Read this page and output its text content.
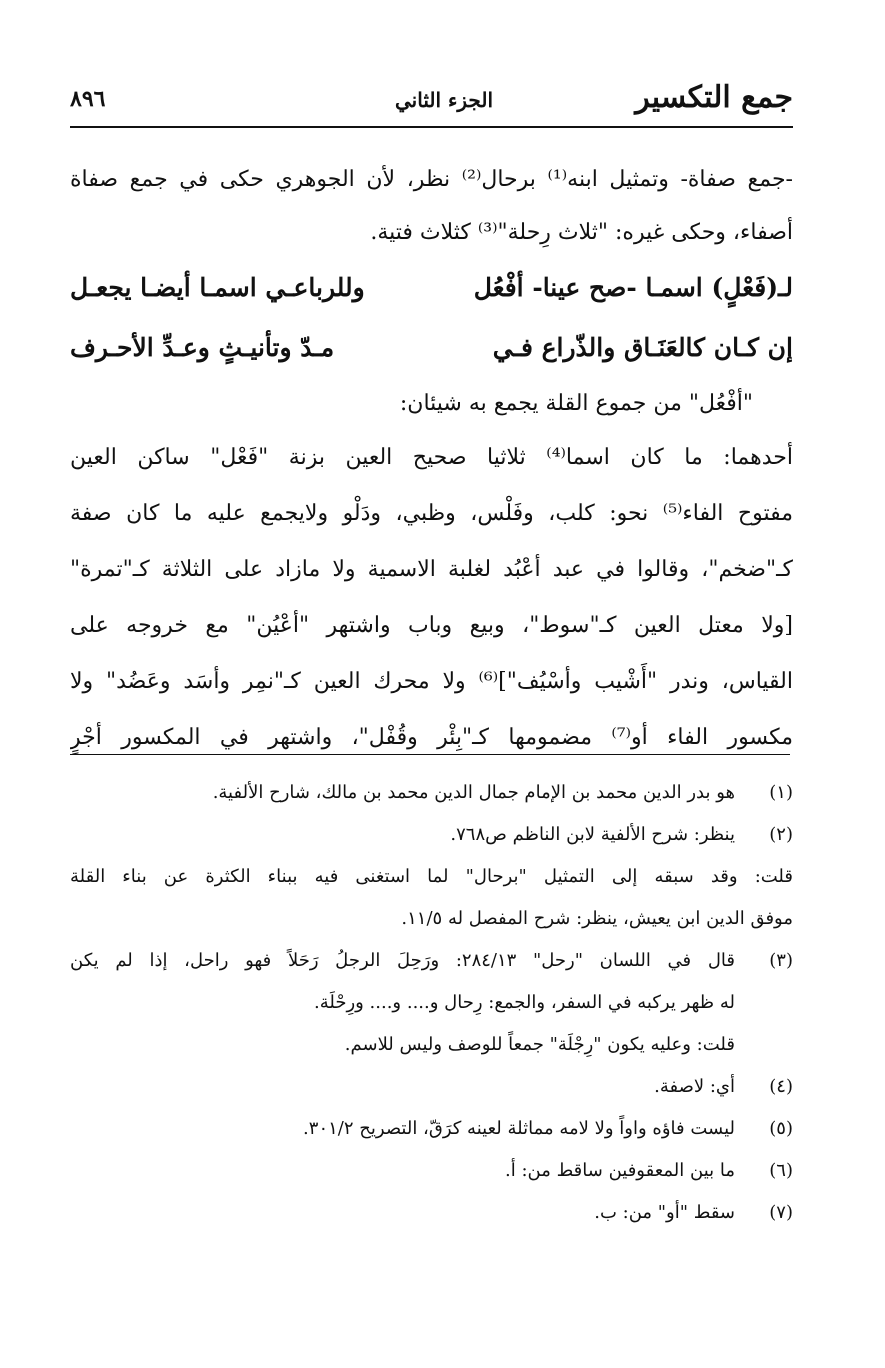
جمع التكسير
الجزء الثاني
٨٩٦
-جمع صفاة- وتمثيل ابنه⁽¹⁾ برحال⁽²⁾ نظر، لأن الجوهري حكى في جمع صفاة
أصفاء، وحكى غيره: "ثلاث رِحلة"⁽³⁾ كثلاث فتية.
لـ(فَعْلٍ) اسمـا -صح عينا- أفْعُل
وللرباعـي اسمـا أيضـا يجعـل
إن كـان كالعَنَـاق والذّراع فـي
مـدّ وتأنيـثٍ وعـدِّ الأحـرف
"أفْعُل" من جموع القلة يجمع به شيئان:
أحدهما: ما كان اسما⁽⁴⁾ ثلاثيا صحيح العين بزنة "فَعْل" ساكن العين
مفتوح الفاء⁽⁵⁾ نحو: كلب، وفَلْس، وظبي، ودَلْو ولايجمع عليه ما كان صفة
كـ"ضخم"، وقالوا في عبد أعْبُد لغلبة الاسمية ولا مازاد على الثلاثة كـ"تمرة"
[ولا معتل العين كـ"سوط"، وبيع وباب واشتهر "أعْيُن" مع خروجه على
القياس، وندر "أَشْيب وأسْيُف"]⁽⁶⁾ ولا محرك العين كـ"نمِر وأسَد وعَضُد" ولا
مكسور الفاء أو⁽⁷⁾ مضمومها كـ"بِئْر وقُفْل"، واشتهر في المكسور أجْرٍ
(١)
هو بدر الدين محمد بن الإمام جمال الدين محمد بن مالك، شارح الألفية.
(٢)
ينظر: شرح الألفية لابن الناظم ص٧٦٨.
قلت: وقد سبقه إلى التمثيل "برحال" لما استغنى فيه ببناء الكثرة عن بناء القلة
موفق الدين ابن يعيش، ينظر: شرح المفصل له ١١/٥.
(٣)
قال في اللسان "رحل" ٢٨٤/١٣: ورَحِلَ الرجلُ رَحَلاً فهو راحل، إذا لم يكن
له ظهر يركبه في السفر، والجمع: رِحال و.... و.... ورِحْلَة.
قلت: وعليه يكون "رِجْلَة" جمعاً للوصف وليس للاسم.
(٤)
أي: لاصفة.
(٥)
ليست فاؤه واواً ولا لامه مماثلة لعينه كرَقّ، التصريح ٣٠١/٢.
(٦)
ما بين المعقوفين ساقط من: أ.
(٧)
سقط "أو" من: ب.
